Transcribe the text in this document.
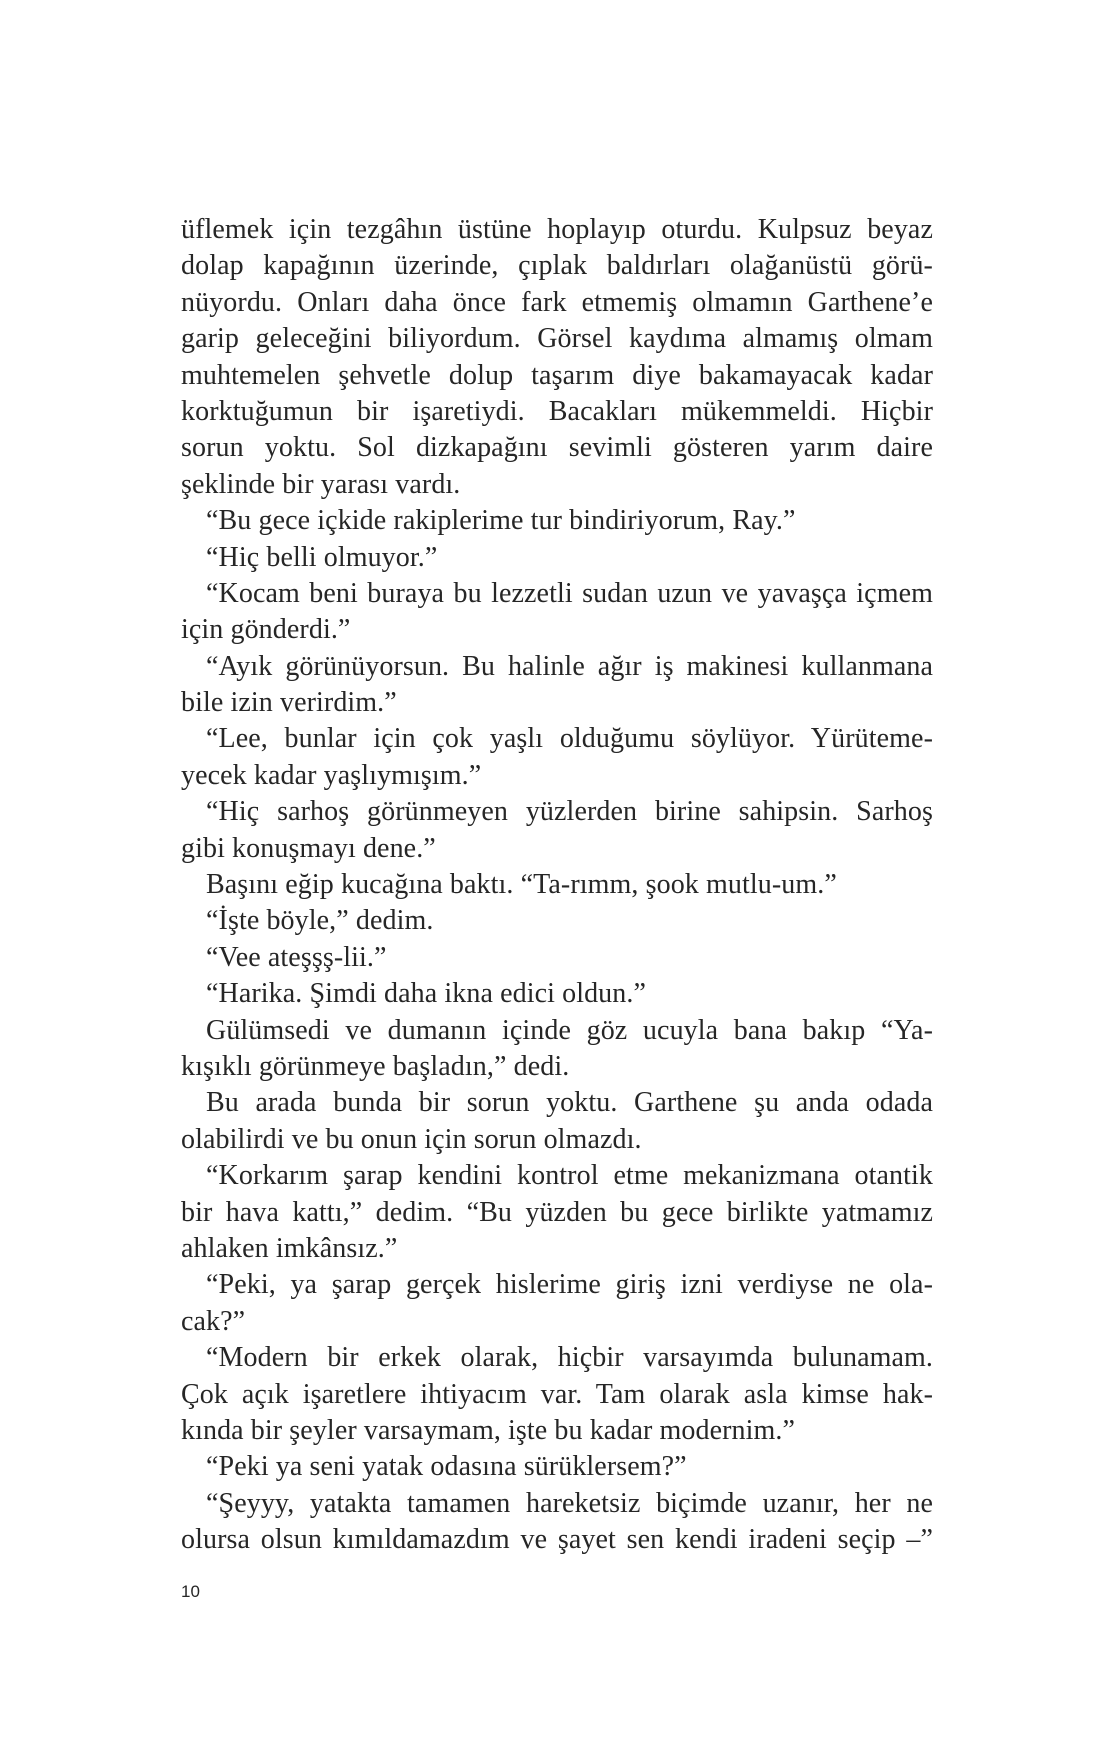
üflemek için tezgâhın üstüne hoplayıp oturdu. Kulpsuz beyaz
dolap kapağının üzerinde, çıplak baldırları olağanüstü görü-
nüyordu. Onları daha önce fark etmemiş olmamın Garthene’e
garip geleceğini biliyordum. Görsel kaydıma almamış olmam
muhtemelen şehvetle dolup taşarım diye bakamayacak kadar
korktuğumun bir işaretiydi. Bacakları mükemmeldi. Hiçbir
sorun yoktu. Sol dizkapağını sevimli gösteren yarım daire
şeklinde bir yarası vardı.
“Bu gece içkide rakiplerime tur bindiriyorum, Ray.”
“Hiç belli olmuyor.”
“Kocam beni buraya bu lezzetli sudan uzun ve yavaşça içmem
için gönderdi.”
“Ayık görünüyorsun. Bu halinle ağır iş makinesi kullanmana
bile izin verirdim.”
“Lee, bunlar için çok yaşlı olduğumu söylüyor. Yürüteme-
yecek kadar yaşlıymışım.”
“Hiç sarhoş görünmeyen yüzlerden birine sahipsin. Sarhoş
gibi konuşmayı dene.”
Başını eğip kucağına baktı. “Ta-rımm, şook mutlu-um.”
“İşte böyle,” dedim.
“Vee ateşşş-lii.”
“Harika. Şimdi daha ikna edici oldun.”
Gülümsedi ve dumanın içinde göz ucuyla bana bakıp “Ya-
kışıklı görünmeye başladın,” dedi.
Bu arada bunda bir sorun yoktu. Garthene şu anda odada
olabilirdi ve bu onun için sorun olmazdı.
“Korkarım şarap kendini kontrol etme mekanizmana otantik
bir hava kattı,” dedim. “Bu yüzden bu gece birlikte yatmamız
ahlaken imkânsız.”
“Peki, ya şarap gerçek hislerime giriş izni verdiyse ne ola-
cak?”
“Modern bir erkek olarak, hiçbir varsayımda bulunamam.
Çok açık işaretlere ihtiyacım var. Tam olarak asla kimse hak-
kında bir şeyler varsaymam, işte bu kadar modernim.”
“Peki ya seni yatak odasına sürüklersem?”
“Şeyyy, yatakta tamamen hareketsiz biçimde uzanır, her ne
olursa olsun kımıldamazdım ve şayet sen kendi iradeni seçip –”
10
